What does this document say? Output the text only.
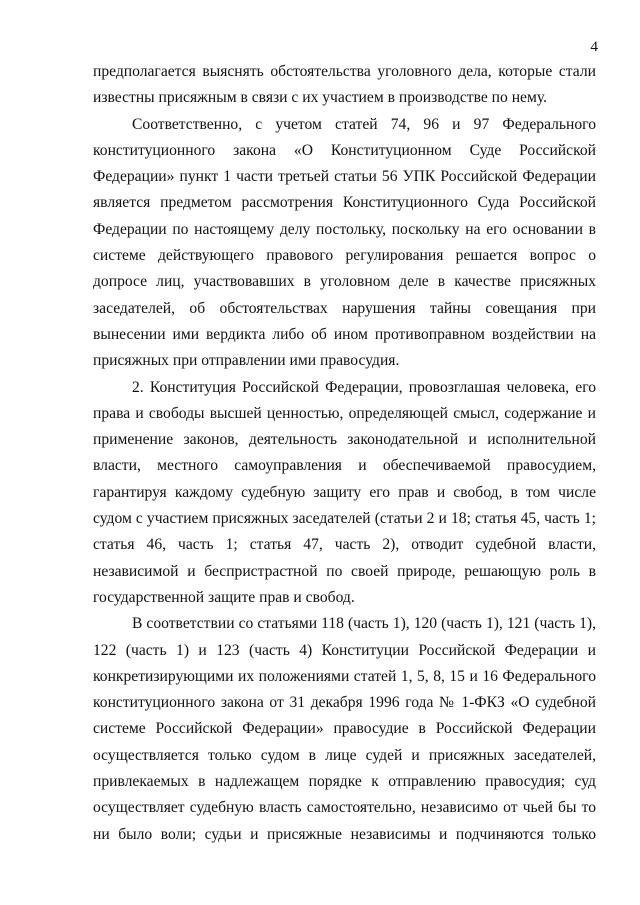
4
предполагается выяснять обстоятельства уголовного дела, которые стали
известны присяжным в связи с их участием в производстве по нему.
Соответственно, с учетом статей 74, 96 и 97 Федерального
конституционного закона «О Конституционном Суде Российской
Федерации» пункт 1 части третьей статьи 56 УПК Российской Федерации
является предметом рассмотрения Конституционного Суда Российской
Федерации по настоящему делу постольку, поскольку на его основании в
системе действующего правового регулирования решается вопрос о
допросе лиц, участвовавших в уголовном деле в качестве присяжных
заседателей, об обстоятельствах нарушения тайны совещания при
вынесении ими вердикта либо об ином противоправном воздействии на
присяжных при отправлении ими правосудия.
2. Конституция Российской Федерации, провозглашая человека, его
права и свободы высшей ценностью, определяющей смысл, содержание и
применение законов, деятельность законодательной и исполнительной
власти, местного самоуправления и обеспечиваемой правосудием,
гарантируя каждому судебную защиту его прав и свобод, в том числе
судом с участием присяжных заседателей (статьи 2 и 18; статья 45, часть 1;
статья 46, часть 1; статья 47, часть 2), отводит судебной власти,
независимой и беспристрастной по своей природе, решающую роль в
государственной защите прав и свобод.
В соответствии со статьями 118 (часть 1), 120 (часть 1), 121 (часть 1),
122 (часть 1) и 123 (часть 4) Конституции Российской Федерации и
конкретизирующими их положениями статей 1, 5, 8, 15 и 16 Федерального
конституционного закона от 31 декабря 1996 года № 1-ФКЗ «О судебной
системе Российской Федерации» правосудие в Российской Федерации
осуществляется только судом в лице судей и присяжных заседателей,
привлекаемых в надлежащем порядке к отправлению правосудия; суд
осуществляет судебную власть самостоятельно, независимо от чьей бы то
ни было воли; судьи и присяжные независимы и подчиняются только
